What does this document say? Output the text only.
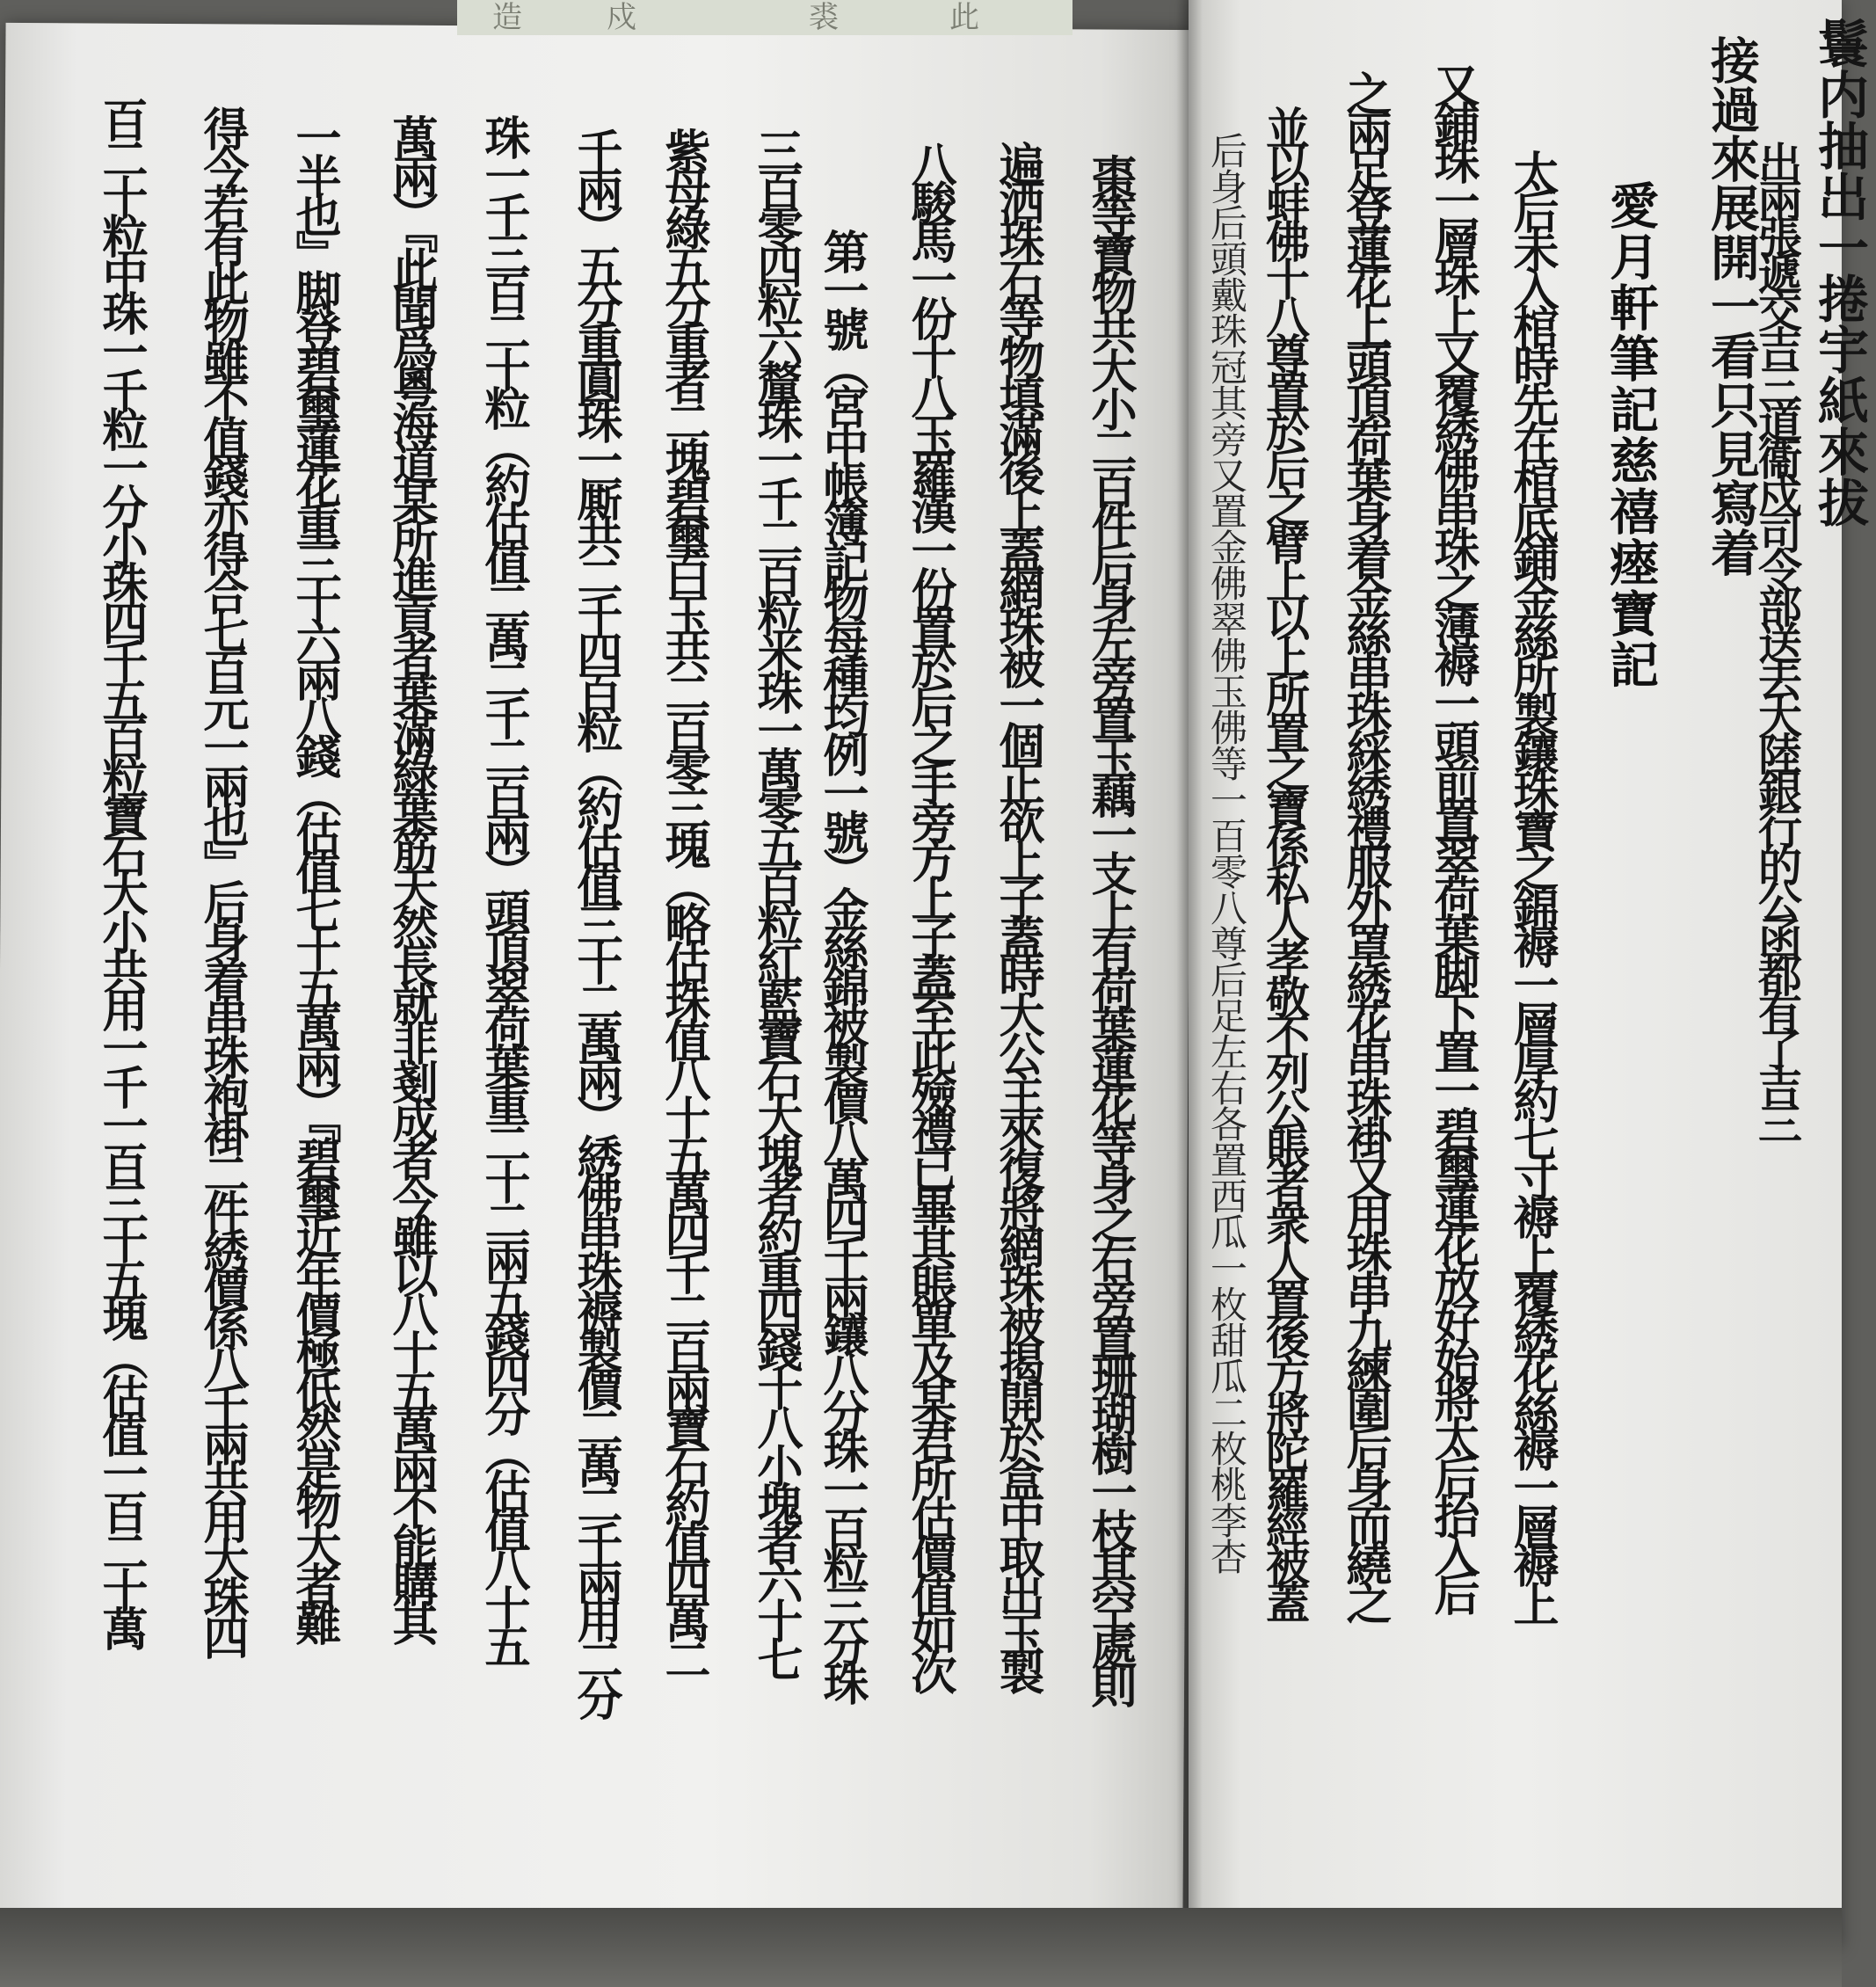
造	戍	裘	此	鬟内抽出一捲宇紙來拔
出兩張遞交吉三道衞戍司令部送去大陸銀行的公函都有了吉三
接過來展開一看只見寫着
愛月軒筆記慈禧瘞寶記
太后未入棺時先在棺底鋪金絲所製鑲珠寶之錦褥一層厚約七寸褥上覆綉花絲褥一層褥上
又鋪珠一層珠上又覆綉佛串珠之薄褥一頭前置翠荷葉脚下置一碧璽蓮花放好始將太后抬入后
之兩足登蓮花上頭頂荷葉身着金絲串珠綵綉禮服外罩綉花串珠褂又用珠串九練圍后身而繞之
並以蚌佛十八尊置於后之臂上以上所置之寶係私人孝敬不列公賬者衆人置後方將陀羅經被蓋
后身后頭戴珠冠其旁又置金佛翠佛玉佛等一百零八尊后足左右各置西瓜一枚甜瓜二枚桃李杏
棗等寶物共大小二百件后身左旁置玉藕一支上有荷葉蓮花等身之右旁置珊瑚樹一枝其空處則
遍洒珠石等物填滿後上蓋網珠被一個正欲上子蓋時大公主來復將網珠被揭開於盒中取出玉製
八駿馬一份十八玉羅漢一份置於后之手旁方上子蓋至此殮禮已畢其賬單及某君所估價值如次
第一號（宮中帳簿記物每種均例一號）金絲錦被製價八萬四千兩鑲八分珠一百粒三分珠
三百零四粒六釐珠一千二百粒米珠一萬零五百粒紅藍寶石大塊者約重四錢十八小塊者六十七
紫母綠五分重者二塊碧璽白玉共二百零三塊（略估珠值八十五萬四千二百兩寶石約值四萬二
千兩）五分重圓珠一厮共二千四百粒（約估值三十二萬兩）綉佛串珠褥製價二萬二千兩用二分
珠一千三百二十粒（約估值二萬二千二百兩）頭頂翠荷葉重二十二兩五錢四分（估值八十五
萬兩）『此聞爲粵海道某所進貢者葉滿綠葉筋天然長就非剗成者今雖以八十五萬兩不能購其
一半也』脚登碧璽蓮花重三十六兩八錢（估值七十五萬兩）『碧璽近年價極低然是物大者難
得今若有此物雖不值錢亦得合七百元一兩也』后身着串珠袍褂二件綉價係八千兩共用大珠四
百二十粒中珠一千粒一分小珠四千五百粒寶石大小共用一千一百三十五塊（估值一百二十萬
